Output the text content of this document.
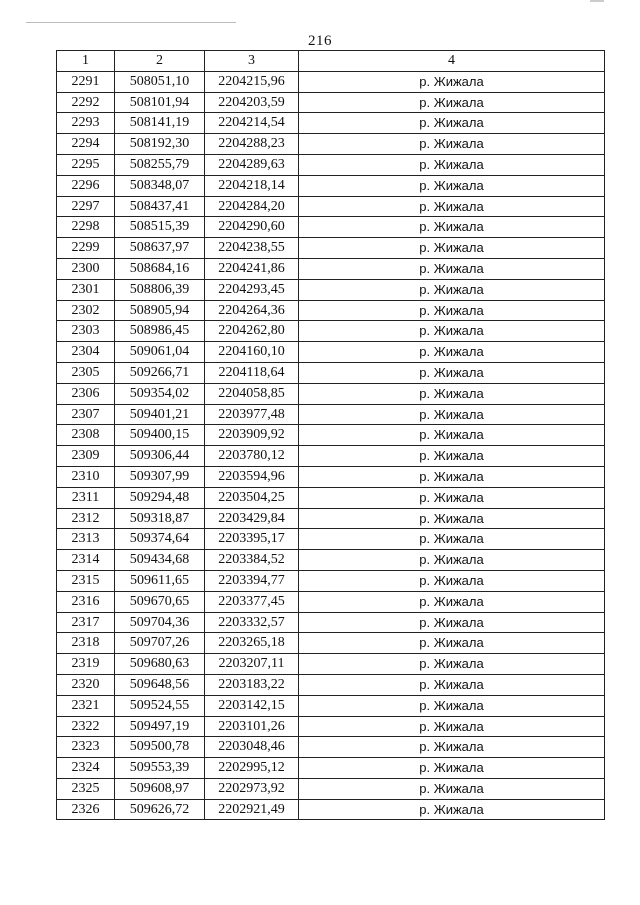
216
1	2	3	4
2291	508051,10	2204215,96	р. Жижала
2292	508101,94	2204203,59	р. Жижала
2293	508141,19	2204214,54	р. Жижала
2294	508192,30	2204288,23	р. Жижала
2295	508255,79	2204289,63	р. Жижала
2296	508348,07	2204218,14	р. Жижала
2297	508437,41	2204284,20	р. Жижала
2298	508515,39	2204290,60	р. Жижала
2299	508637,97	2204238,55	р. Жижала
2300	508684,16	2204241,86	р. Жижала
2301	508806,39	2204293,45	р. Жижала
2302	508905,94	2204264,36	р. Жижала
2303	508986,45	2204262,80	р. Жижала
2304	509061,04	2204160,10	р. Жижала
2305	509266,71	2204118,64	р. Жижала
2306	509354,02	2204058,85	р. Жижала
2307	509401,21	2203977,48	р. Жижала
2308	509400,15	2203909,92	р. Жижала
2309	509306,44	2203780,12	р. Жижала
2310	509307,99	2203594,96	р. Жижала
2311	509294,48	2203504,25	р. Жижала
2312	509318,87	2203429,84	р. Жижала
2313	509374,64	2203395,17	р. Жижала
2314	509434,68	2203384,52	р. Жижала
2315	509611,65	2203394,77	р. Жижала
2316	509670,65	2203377,45	р. Жижала
2317	509704,36	2203332,57	р. Жижала
2318	509707,26	2203265,18	р. Жижала
2319	509680,63	2203207,11	р. Жижала
2320	509648,56	2203183,22	р. Жижала
2321	509524,55	2203142,15	р. Жижала
2322	509497,19	2203101,26	р. Жижала
2323	509500,78	2203048,46	р. Жижала
2324	509553,39	2202995,12	р. Жижала
2325	509608,97	2202973,92	р. Жижала
2326	509626,72	2202921,49	р. Жижала
